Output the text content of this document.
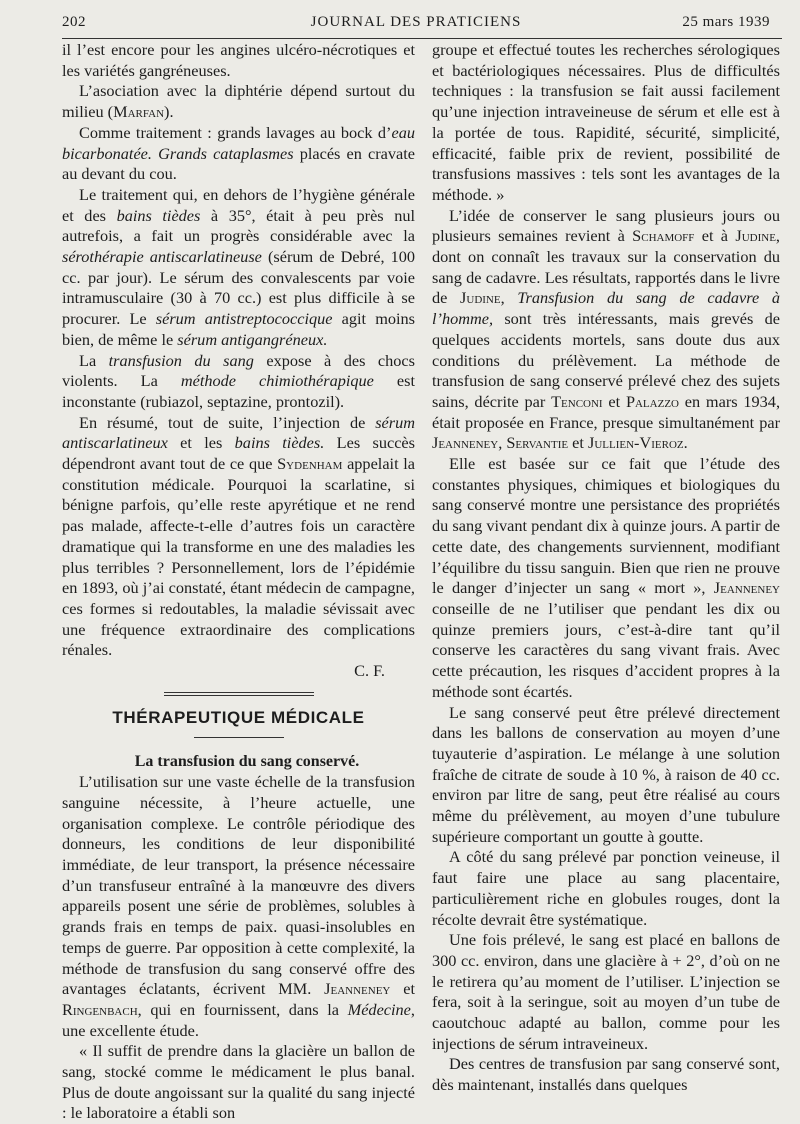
202	JOURNAL DES PRATICIENS	25 mars 1939

il l’est encore pour les angines ulcéro-nécrotiques et les variétés gangréneuses.

L’asociation avec la diphtérie dépend surtout du milieu (Marfan).

Comme traitement : grands lavages au bock d’eau bicarbonatée. Grands cataplasmes placés en cravate au devant du cou.

Le traitement qui, en dehors de l’hygiène générale et des bains tièdes à 35°, était à peu près nul autrefois, a fait un progrès considérable avec la sérothérapie antiscarlatineuse (sérum de Debré, 100 cc. par jour). Le sérum des convalescents par voie intramusculaire (30 à 70 cc.) est plus difficile à se procurer. Le sérum antistreptococcique agit moins bien, de même le sérum antigangréneux.

La transfusion du sang expose à des chocs violents. La méthode chimiothérapique est inconstante (rubiazol, septazine, prontozil).

En résumé, tout de suite, l’injection de sérum antiscarlatineux et les bains tièdes. Les succès dépendront avant tout de ce que Sydenham appelait la constitution médicale. Pourquoi la scarlatine, si bénigne parfois, qu’elle reste apyrétique et ne rend pas malade, affecte-t-elle d’autres fois un caractère dramatique qui la transforme en une des maladies les plus terribles ? Personnellement, lors de l’épidémie en 1893, où j’ai constaté, étant médecin de campagne, ces formes si redoutables, la maladie sévissait avec une fréquence extraordinaire des complications rénales.

C. F.

THÉRAPEUTIQUE MÉDICALE

La transfusion du sang conservé.

L’utilisation sur une vaste échelle de la transfusion sanguine nécessite, à l’heure actuelle, une organisation complexe. Le contrôle périodique des donneurs, les conditions de leur disponibilité immédiate, de leur transport, la présence nécessaire d’un transfuseur entraîné à la manœuvre des divers appareils posent une série de problèmes, solubles à grands frais en temps de paix. quasi-insolubles en temps de guerre. Par opposition à cette complexité, la méthode de transfusion du sang conservé offre des avantages éclatants, écrivent MM. Jeanneney et Ringenbach, qui en fournissent, dans la Médecine, une excellente étude.

« Il suffit de prendre dans la glacière un ballon de sang, stocké comme le médicament le plus banal. Plus de doute angoissant sur la qualité du sang injecté : le laboratoire a établi son

groupe et effectué toutes les recherches sérologiques et bactériologiques nécessaires. Plus de difficultés techniques : la transfusion se fait aussi facilement qu’une injection intraveineuse de sérum et elle est à la portée de tous. Rapidité, sécurité, simplicité, efficacité, faible prix de revient, possibilité de transfusions massives : tels sont les avantages de la méthode. »

L’idée de conserver le sang plusieurs jours ou plusieurs semaines revient à Schamoff et à Judine, dont on connaît les travaux sur la conservation du sang de cadavre. Les résultats, rapportés dans le livre de Judine, Transfusion du sang de cadavre à l’homme, sont très intéressants, mais grevés de quelques accidents mortels, sans doute dus aux conditions du prélèvement. La méthode de transfusion de sang conservé prélevé chez des sujets sains, décrite par Tenconi et Palazzo en mars 1934, était proposée en France, presque simultanément par Jeanneney, Servantie et Jullien-Vieroz.

Elle est basée sur ce fait que l’étude des constantes physiques, chimiques et biologiques du sang conservé montre une persistance des propriétés du sang vivant pendant dix à quinze jours. A partir de cette date, des changements surviennent, modifiant l’équilibre du tissu sanguin. Bien que rien ne prouve le danger d’injecter un sang « mort », Jeanneney conseille de ne l’utiliser que pendant les dix ou quinze premiers jours, c’est-à-dire tant qu’il conserve les caractères du sang vivant frais. Avec cette précaution, les risques d’accident propres à la méthode sont écartés.

Le sang conservé peut être prélevé directement dans les ballons de conservation au moyen d’une tuyauterie d’aspiration. Le mélange à une solution fraîche de citrate de soude à 10 %, à raison de 40 cc. environ par litre de sang, peut être réalisé au cours même du prélèvement, au moyen d’une tubulure supérieure comportant un goutte à goutte.

A côté du sang prélevé par ponction veineuse, il faut faire une place au sang placentaire, particulièrement riche en globules rouges, dont la récolte devrait être systématique.

Une fois prélevé, le sang est placé en ballons de 300 cc. environ, dans une glacière à + 2°, d’où on ne le retirera qu’au moment de l’utiliser. L’injection se fera, soit à la seringue, soit au moyen d’un tube de caoutchouc adapté au ballon, comme pour les injections de sérum intraveineux.

Des centres de transfusion par sang conservé sont, dès maintenant, installés dans quelques
